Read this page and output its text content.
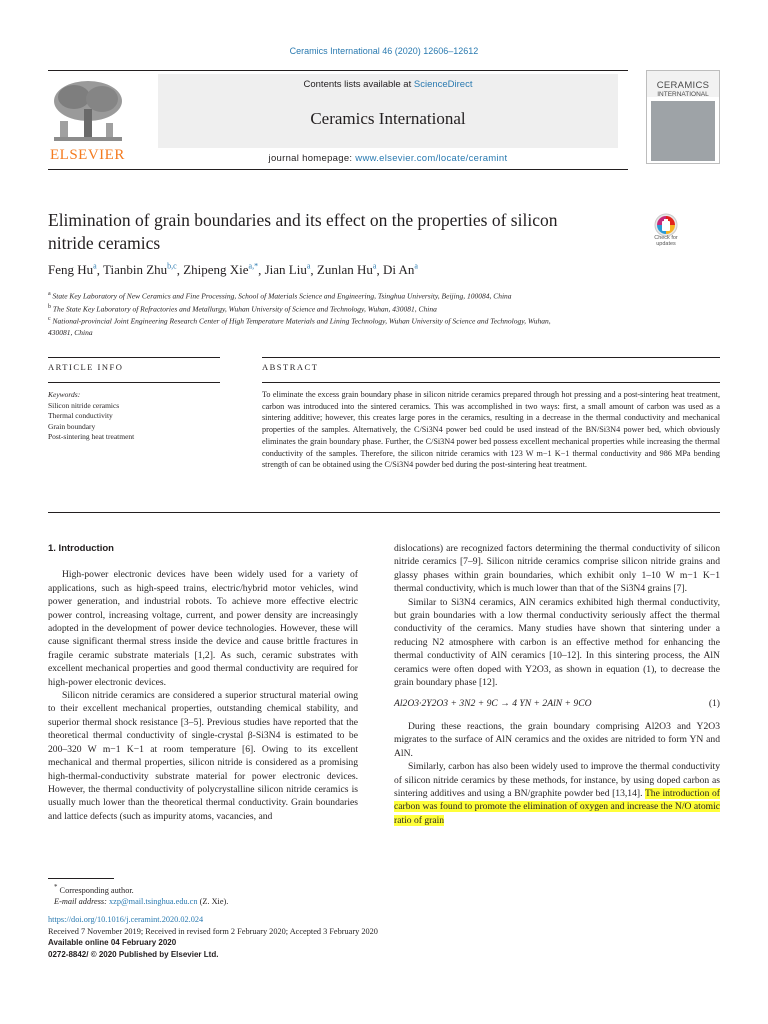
Ceramics International 46 (2020) 12606–12612
ELSEVIER
Contents lists available at ScienceDirect
Ceramics International
journal homepage: www.elsevier.com/locate/ceramint
CERAMICS
INTERNATIONAL
Elimination of grain boundaries and its effect on the properties of silicon
nitride ceramics	Check for
updates
Feng Hu$^a$, Tianbin Zhu$^{b,c}$, Zhipeng Xie$^{a,*}$, Jian Liu$^a$, Zunlan Hu$^a$, Di An$^a$
$^a$ State Key Laboratory of New Ceramics and Fine Processing, School of Materials Science and Engineering, Tsinghua University, Beijing, 100084, China
$^b$ The State Key Laboratory of Refractories and Metallurgy, Wuhan University of Science and Technology, Wuhan, 430081, China
$^c$ National-provincial Joint Engineering Research Center of High Temperature Materials and Lining Technology, Wuhan University of Science and Technology, Wuhan,
430081, China
ARTICLE INFO	ABSTRACT
Keywords:
Silicon nitride ceramics
Thermal conductivity
Grain boundary
Post-sintering heat treatment
To eliminate the excess grain boundary phase in silicon nitride ceramics prepared through hot pressing and a post-sintering heat treatment, carbon was introduced into the sintered ceramics. This was accomplished in two ways: first, a small amount of carbon was used as a sintering additive; however, this creates large pores in the ceramics, resulting in a decrease in the thermal conductivity and mechanical properties of the samples. Alternatively, the C/Si3N4 power bed could be used instead of the BN/Si3N4 power bed, which obviously eliminates the grain boundary phase. Further, the C/Si3N4 power bed possess excellent mechanical properties while increasing the thermal conductivity of the samples. Therefore, the silicon nitride ceramics with 123 W m−1 K−1 thermal conductivity and 986 MPa bending strength of can be obtained using the C/Si3N4 powder bed during the post-sintering heat treatment.
1. Introduction

High-power electronic devices have been widely used for a variety of applications, such as high-speed trains, electric/hybrid motor vehicles, wind power generation, and industrial robots. To achieve more effective electric power control, increasing voltage, current, and power density are increasingly adopted in the development of power device technologies. However, these will cause significant thermal stress inside the device and cause brittle fractures in fragile ceramic substrate materials [1,2]. As such, ceramic substrates with excellent mechanical properties and good thermal conductivity are required for high-power electronic devices.

Silicon nitride ceramics are considered a superior structural material owing to their excellent mechanical properties, outstanding chemical stability, and superior thermal shock resistance [3–5]. Previous studies have reported that the theoretical thermal conductivity of single-crystal β-Si3N4 is estimated to be 200–320 W m−1 K−1 at room temperature [6]. Owing to its excellent mechanical and thermal properties, silicon nitride is considered as a promising high-thermal-conductivity substrate material for power electronic devices. However, the thermal conductivity of polycrystalline silicon nitride ceramics is usually much lower than the theoretical thermal conductivity. Grain boundaries and lattice defects (such as impurity atoms, vacancies, and

dislocations) are recognized factors determining the thermal conductivity of silicon nitride ceramics [7–9]. Silicon nitride ceramics comprise silicon nitride grains and glassy phases within grain boundaries, which exhibit only 1–10 W m−1 K−1 thermal conductivity, which is much lower than that of the Si3N4 grains [7].

Similar to Si3N4 ceramics, AlN ceramics exhibited high thermal conductivity, but grain boundaries with a low thermal conductivity seriously affect the thermal conductivity of the ceramics. Many studies have shown that sintering under a reducing N2 atmosphere with carbon is an effective method for enhancing the thermal conductivity of AlN ceramics [10–12]. In this sintering process, the AlN ceramics were often doped with Y2O3, as shown in equation (1), to decrease the grain boundary phase [12].

Al2O3·2Y2O3 + 3N2 + 9C → 4 YN + 2AlN + 9CO	(1)

During these reactions, the grain boundary comprising Al2O3 and Y2O3 migrates to the surface of AlN ceramics and the oxides are nitrided to form YN and AlN.

Similarly, carbon has also been widely used to improve the thermal conductivity of silicon nitride ceramics by these methods, for instance, by using doped carbon as sintering additives and using a BN/graphite powder bed [13,14]. The introduction of carbon was found to promote the elimination of oxygen and increase the N/O atomic ratio of grain

* Corresponding author.
E-mail address: xzp@mail.tsinghua.edu.cn (Z. Xie).
https://doi.org/10.1016/j.ceramint.2020.02.024
Received 7 November 2019; Received in revised form 2 February 2020; Accepted 3 February 2020
Available online 04 February 2020
0272-8842/ © 2020 Published by Elsevier Ltd.
